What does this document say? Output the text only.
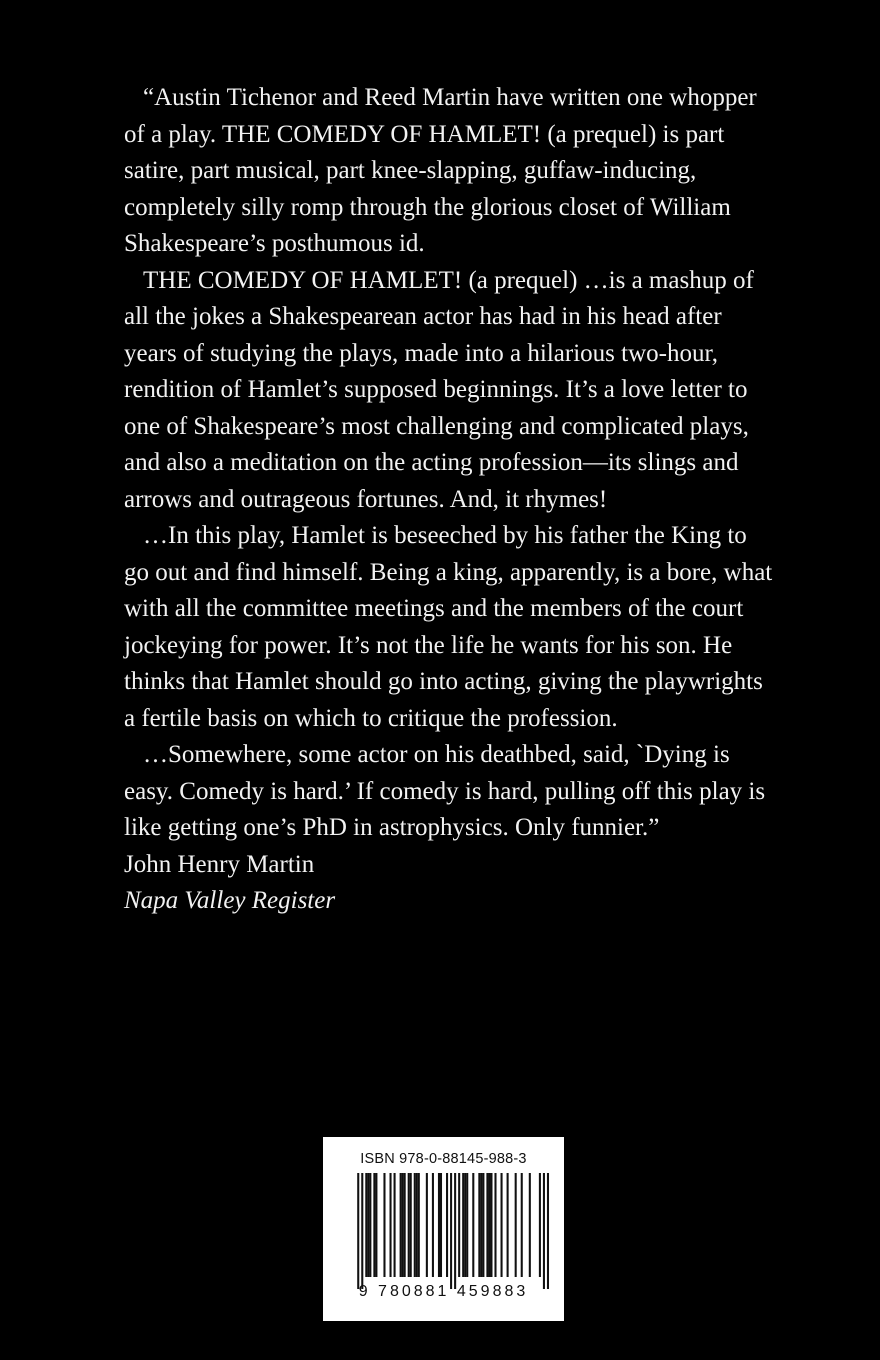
“Austin Tichenor and Reed Martin have written one whopper of a play. THE COMEDY OF HAMLET! (a prequel) is part satire, part musical, part knee-slapping, guffaw-inducing, completely silly romp through the glorious closet of William Shakespeare’s posthumous id.

THE COMEDY OF HAMLET! (a prequel) …is a mashup of all the jokes a Shakespearean actor has had in his head after years of studying the plays, made into a hilarious two-hour, rendition of Hamlet’s supposed beginnings. It’s a love letter to one of Shakespeare’s most challenging and complicated plays, and also a meditation on the acting profession—its slings and arrows and outrageous fortunes. And, it rhymes!

…In this play, Hamlet is beseeched by his father the King to go out and find himself. Being a king, apparently, is a bore, what with all the committee meetings and the members of the court jockeying for power. It’s not the life he wants for his son. He thinks that Hamlet should go into acting, giving the playwrights a fertile basis on which to critique the profession.

…Somewhere, some actor on his deathbed, said, `Dying is easy. Comedy is hard.’ If comedy is hard, pulling off this play is like getting one’s PhD in astrophysics. Only funnier.”

John Henry Martin
Napa Valley Register
ISBN 978-0-88145-988-3
9 780881 459883
